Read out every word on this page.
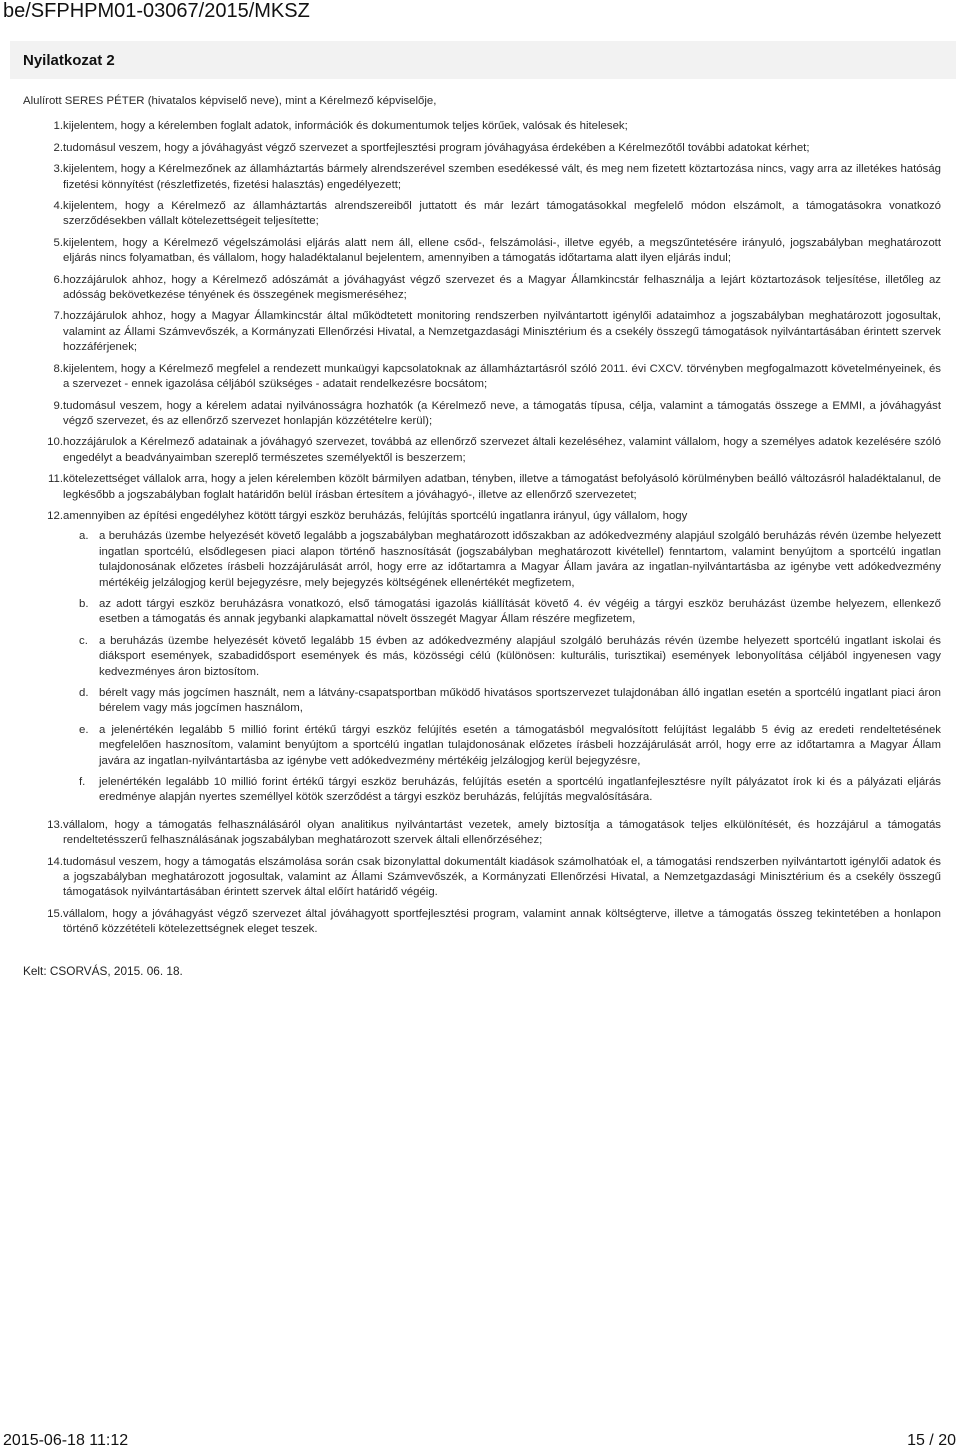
be/SFPHPM01-03067/2015/MKSZ
Nyilatkozat 2

Alulírott SERES PÉTER (hivatalos képviselő neve), mint a Kérelmező képviselője,

1. kijelentem, hogy a kérelemben foglalt adatok, információk és dokumentumok teljes körűek, valósak és hitelesek;
2. tudomásul veszem, hogy a jóváhagyást végző szervezet a sportfejlesztési program jóváhagyása érdekében a Kérelmezőtől további adatokat kérhet;
3. kijelentem, hogy a Kérelmezőnek az államháztartás bármely alrendszerével szemben esedékessé vált, és meg nem fizetett köztartozása nincs, vagy arra az illetékes hatóság fizetési könnyítést (részletfizetés, fizetési halasztás) engedélyezett;
4. kijelentem, hogy a Kérelmező az államháztartás alrendszereiből juttatott és már lezárt támogatásokkal megfelelő módon elszámolt, a támogatásokra vonatkozó szerződésekben vállalt kötelezettségeit teljesítette;
5. kijelentem, hogy a Kérelmező végelszámolási eljárás alatt nem áll, ellene csőd-, felszámolási-, illetve egyéb, a megszűntetésére irányuló, jogszabályban meghatározott eljárás nincs folyamatban, és vállalom, hogy haladéktalanul bejelentem, amennyiben a támogatás időtartama alatt ilyen eljárás indul;
6. hozzájárulok ahhoz, hogy a Kérelmező adószámát a jóváhagyást végző szervezet és a Magyar Államkincstár felhasználja a lejárt köztartozások teljesítése, illetőleg az adósság bekövetkezése tényének és összegének megismeréséhez;
7. hozzájárulok ahhoz, hogy a Magyar Államkincstár által működtetett monitoring rendszerben nyilvántartott igénylői adataimhoz a jogszabályban meghatározott jogosultak, valamint az Állami Számvevőszék, a Kormányzati Ellenőrzési Hivatal, a Nemzetgazdasági Minisztérium és a csekély összegű támogatások nyilvántartásában érintett szervek hozzáférjenek;
8. kijelentem, hogy a Kérelmező megfelel a rendezett munkaügyi kapcsolatoknak az államháztartásról szóló 2011. évi CXCV. törvényben megfogalmazott követelményeinek, és a szervezet - ennek igazolása céljából szükséges - adatait rendelkezésre bocsátom;
9. tudomásul veszem, hogy a kérelem adatai nyilvánosságra hozhatók (a Kérelmező neve, a támogatás típusa, célja, valamint a támogatás összege a EMMI, a jóváhagyást végző szervezet, és az ellenőrző szervezet honlapján közzétételre kerül);
10. hozzájárulok a Kérelmező adatainak a jóváhagyó szervezet, továbbá az ellenőrző szervezet általi kezeléséhez, valamint vállalom, hogy a személyes adatok kezelésére szóló engedélyt a beadványaimban szereplő természetes személyektől is beszerzem;
11. kötelezettséget vállalok arra, hogy a jelen kérelemben közölt bármilyen adatban, tényben, illetve a támogatást befolyásoló körülményben beálló változásról haladéktalanul, de legkésőbb a jogszabályban foglalt határidőn belül írásban értesítem a jóváhagyó-, illetve az ellenőrző szervezetet;
12. amennyiben az építési engedélyhez kötött tárgyi eszköz beruházás, felújítás sportcélú ingatlanra irányul, úgy vállalom, hogy
a. a beruházás üzembe helyezését követő legalább a jogszabályban meghatározott időszakban az adókedvezmény alapjául szolgáló beruházás révén üzembe helyezett ingatlan sportcélú, elsődlegesen piaci alapon történő hasznosítását (jogszabályban meghatározott kivétellel) fenntartom, valamint benyújtom a sportcélú ingatlan tulajdonosának előzetes írásbeli hozzájárulását arról, hogy erre az időtartamra a Magyar Állam javára az ingatlan-nyilvántartásba az igénybe vett adókedvezmény mértékéig jelzálogjog kerül bejegyzésre, mely bejegyzés költségének ellenértékét megfizetem,
b. az adott tárgyi eszköz beruházásra vonatkozó, első támogatási igazolás kiállítását követő 4. év végéig a tárgyi eszköz beruházást üzembe helyezem, ellenkező esetben a támogatás és annak jegybanki alapkamattal növelt összegét Magyar Állam részére megfizetem,
c. a beruházás üzembe helyezését követő legalább 15 évben az adókedvezmény alapjául szolgáló beruházás révén üzembe helyezett sportcélú ingatlant iskolai és diáksport események, szabadidősport események és más, közösségi célú (különösen: kulturális, turisztikai) események lebonyolítása céljából ingyenesen vagy kedvezményes áron biztosítom.
d. bérelt vagy más jogcímen használt, nem a látvány-csapatsportban működő hivatásos sportszervezet tulajdonában álló ingatlan esetén a sportcélú ingatlant piaci áron bérelem vagy más jogcímen használom,
e. a jelenértékén legalább 5 millió forint értékű tárgyi eszköz felújítés esetén a támogatásból megvalósított felújítást legalább 5 évig az eredeti rendeltetésének megfelelően hasznosítom, valamint benyújtom a sportcélú ingatlan tulajdonosának előzetes írásbeli hozzájárulását arról, hogy erre az időtartamra a Magyar Állam javára az ingatlan-nyilvántartásba az igénybe vett adókedvezmény mértékéig jelzálogjog kerül bejegyzésre,
f.	jelenértékén legalább 10 millió forint értékű tárgyi eszköz beruházás, felújítás esetén a sportcélú ingatlanfejlesztésre nyílt pályázatot írok ki és a pályázati eljárás eredménye alapján nyertes személlyel kötök szerződést a tárgyi eszköz beruházás, felújítás megvalósítására.
13. vállalom, hogy a támogatás felhasználásáról olyan analitikus nyilvántartást vezetek, amely biztosítja a támogatások teljes elkülönítését, és hozzájárul a támogatás rendeltetésszerű felhasználásának jogszabályban meghatározott szervek általi ellenőrzéséhez;
14. tudomásul veszem, hogy a támogatás elszámolása során csak bizonylattal dokumentált kiadások számolhatóak el, a támogatási rendszerben nyilvántartott igénylői adatok és a jogszabályban meghatározott jogosultak, valamint az Állami Számvevőszék, a Kormányzati Ellenőrzési Hivatal, a Nemzetgazdasági Minisztérium és a csekély összegű támogatások nyilvántartásában érintett szervek által előírt határidő végéig.
15. vállalom, hogy a jóváhagyást végző szervezet által jóváhagyott sportfejlesztési program, valamint annak költségterve, illetve a támogatás összeg tekintetében a honlapon történő közzétételi kötelezettségnek eleget teszek.
Kelt: CSORVÁS, 2015. 06. 18.
2015-06-18 11:12	15 / 20
